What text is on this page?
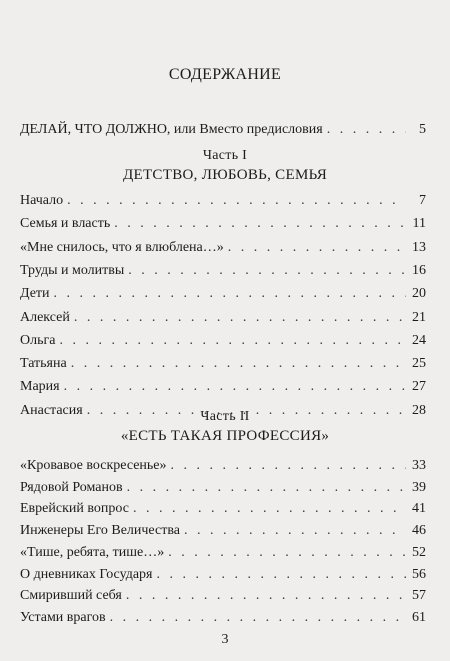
СОДЕРЖАНИЕ
ДЕЛАЙ, ЧТО ДОЛЖНО, или Вместо предисловия . . .	5
Часть I
ДЕТСТВО, ЛЮБОВЬ, СЕМЬЯ
Начало . . .	7
Семья и власть . . .	11
«Мне снилось, что я влюблена…» . . .	13
Труды и молитвы . . .	16
Дети . . .	20
Алексей . . .	21
Ольга . . .	24
Татьяна . . .	25
Мария . . .	27
Анастасия . . .	28
Часть II
«ЕСТЬ ТАКАЯ ПРОФЕССИЯ»
«Кровавое воскресенье» . . .	33
Рядовой Романов . . .	39
Еврейский вопрос . . .	41
Инженеры Его Величества . . .	46
«Тише, ребята, тише…» . . .	52
О дневниках Государя . . .	56
Смиривший себя . . .	57
Устами врагов . . .	61
3
